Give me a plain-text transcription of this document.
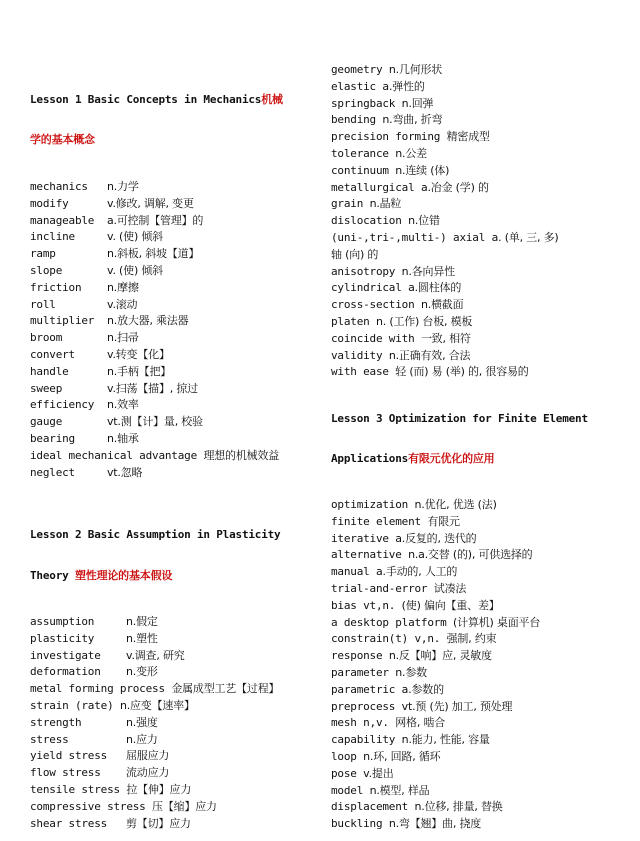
Lesson 1 Basic Concepts in Mechanics机械
学的基本概念
mechanics n.力学
modify	v.修改, 调解, 变更
manageable a.可控制【管理】的
incline	v. (使) 倾斜
ramp	n.斜板, 斜坡【道】
slope	v. (使) 倾斜
friction n.摩擦
roll	v.滚动
multiplier n.放大器, 乘法器
broom	n.扫帚
convert	v.转变【化】
handle	n.手柄【把】
sweep	v.扫荡【描】, 掠过
efficiency n.效率
gauge	vt.测【计】量, 校验
bearing	n.轴承
ideal mechanical advantage 理想的机械效益
neglect	vt.忽略
Lesson 2 Basic Assumption in Plasticity
Theory 塑性理论的基本假设
assumption	n.假定
plasticity	n.塑性
investigate v.调查, 研究
deformation n.变形
metal forming process 金属成型工艺【过程】
strain (rate) n.应变【速率】
strength	n.强度
stress	n.应力
yield stress 屈服应力
flow stress 流动应力
tensile stress 拉【伸】应力
compressive stress 压【缩】应力
shear stress 剪【切】应力
geometry n.几何形状
elastic a.弹性的
springback n.回弹
bending n.弯曲, 折弯
precision forming 精密成型
tolerance n.公差
continuum n.连续 (体)
metallurgical a.冶金 (学) 的
grain n.晶粒
dislocation n.位错
(uni-,tri-,multi-) axial a. (单, 三, 多)
轴 (向) 的
anisotropy n.各向异性
cylindrical a.圆柱体的
cross-section n.横截面
platen n. (工作) 台板, 模板
coincide with 一致, 相符
validity n.正确有效, 合法
with ease 轻 (而) 易 (举) 的, 很容易的
Lesson 3 Optimization for Finite Element
Applications有限元优化的应用
optimization n.优化, 优选 (法)
finite element 有限元
iterative a.反复的, 迭代的
alternative n.a.交替 (的), 可供选择的
manual a.手动的, 人工的
trial-and-error 试凑法
bias vt,n. (使) 偏向【重、差】
a desktop platform (计算机) 桌面平台
constrain(t) v,n. 强制, 约束
response n.反【响】应, 灵敏度
parameter n.参数
parametric a.参数的
preprocess vt.预 (先) 加工, 预处理
mesh n,v. 网格, 啮合
capability n.能力, 性能, 容量
loop n.环, 回路, 循环
pose v.提出
model n.模型, 样品
displacement n.位移, 排量, 替换
buckling n.弯【翘】曲, 挠度
